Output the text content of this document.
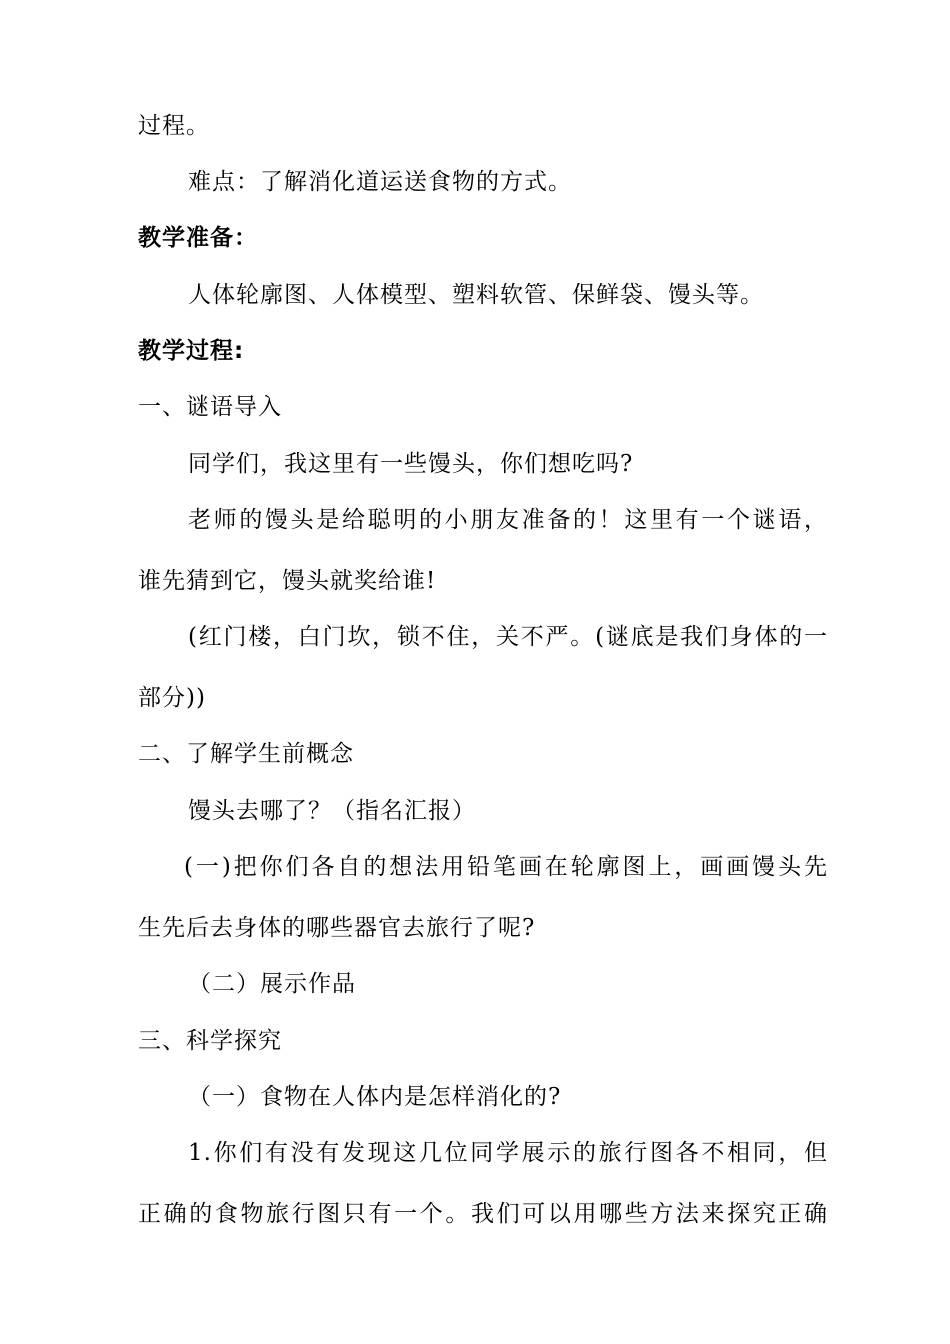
过程。
难点：了解消化道运送食物的方式。
教学准备：
人体轮廓图、人体模型、塑料软管、保鲜袋、馒头等。
教学过程:
一、谜语导入
同学们，我这里有一些馒头，你们想吃吗?
老师的馒头是给聪明的小朋友准备的！这里有一个谜语，
谁先猜到它，馒头就奖给谁!
(红门楼，白门坎，锁不住，关不严。(谜底是我们身体的一
部分))
二、了解学生前概念
馒头去哪了？（指名汇报）
(一)把你们各自的想法用铅笔画在轮廓图上，画画馒头先
生先后去身体的哪些器官去旅行了呢?
（二）展示作品
三、科学探究
（一）食物在人体内是怎样消化的?
1.你们有没有发现这几位同学展示的旅行图各不相同，但
正确的食物旅行图只有一个。我们可以用哪些方法来探究正确
